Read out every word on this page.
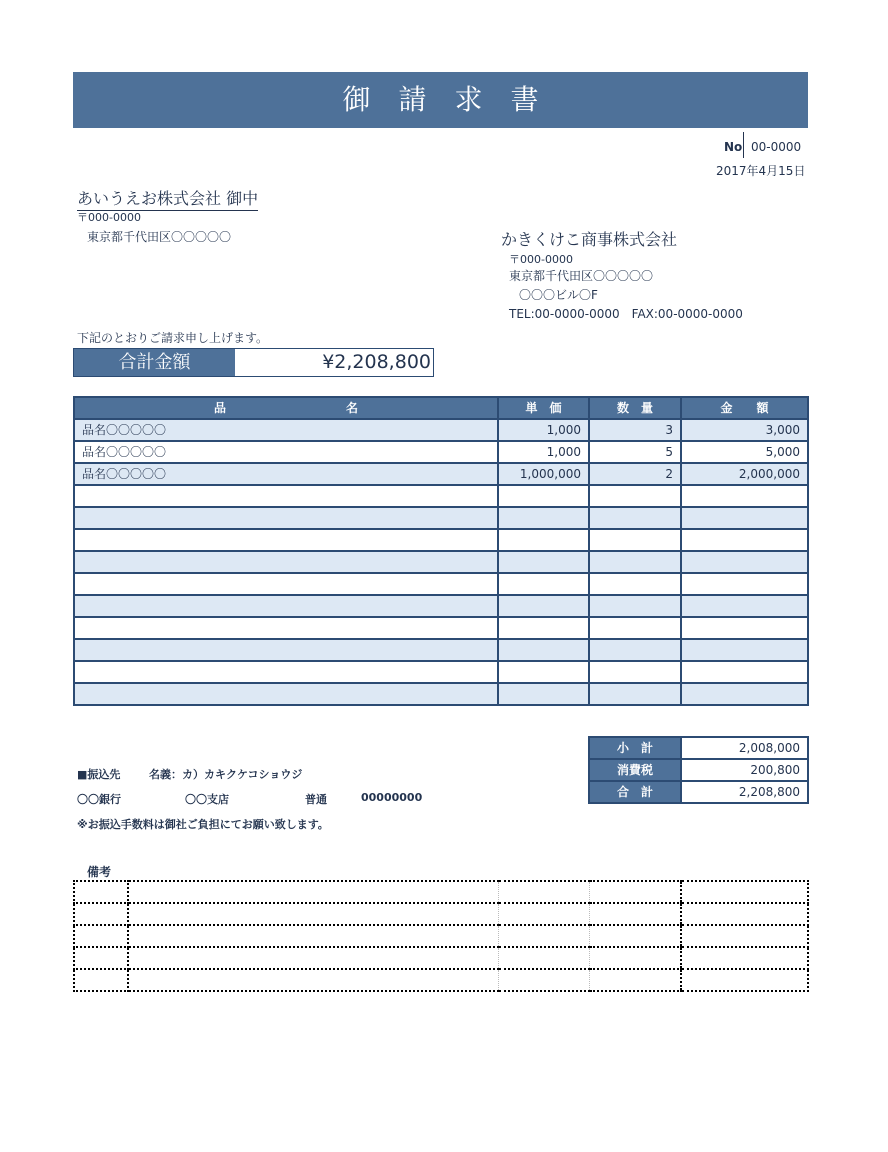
御 請 求 書
No 00-0000
2017年4月15日
あいうえお株式会社 御中
〒000-0000
東京都千代田区〇〇〇〇〇	かきくけこ商事株式会社
〒000-0000
東京都千代田区〇〇〇〇〇
〇〇〇ビル〇F
TEL:00-0000-0000　FAX:00-0000-0000
下記のとおりご請求申し上げます。
合計金額	¥2,208,800
品　　　　　　　　　　名	単　価	数　量	金　　額
品名〇〇〇〇〇	1,000	3	3,000
品名〇〇〇〇〇	1,000	5	5,000
品名〇〇〇〇〇	1,000,000	2	2,000,000

小　計	2,008,000
消費税	200,800
合　計	2,208,800
■振込先	名義：カ）カキクケコショウジ
〇〇銀行	〇〇支店	普通	00000000
※お振込手数料は御社ご負担にてお願い致します。
備考
